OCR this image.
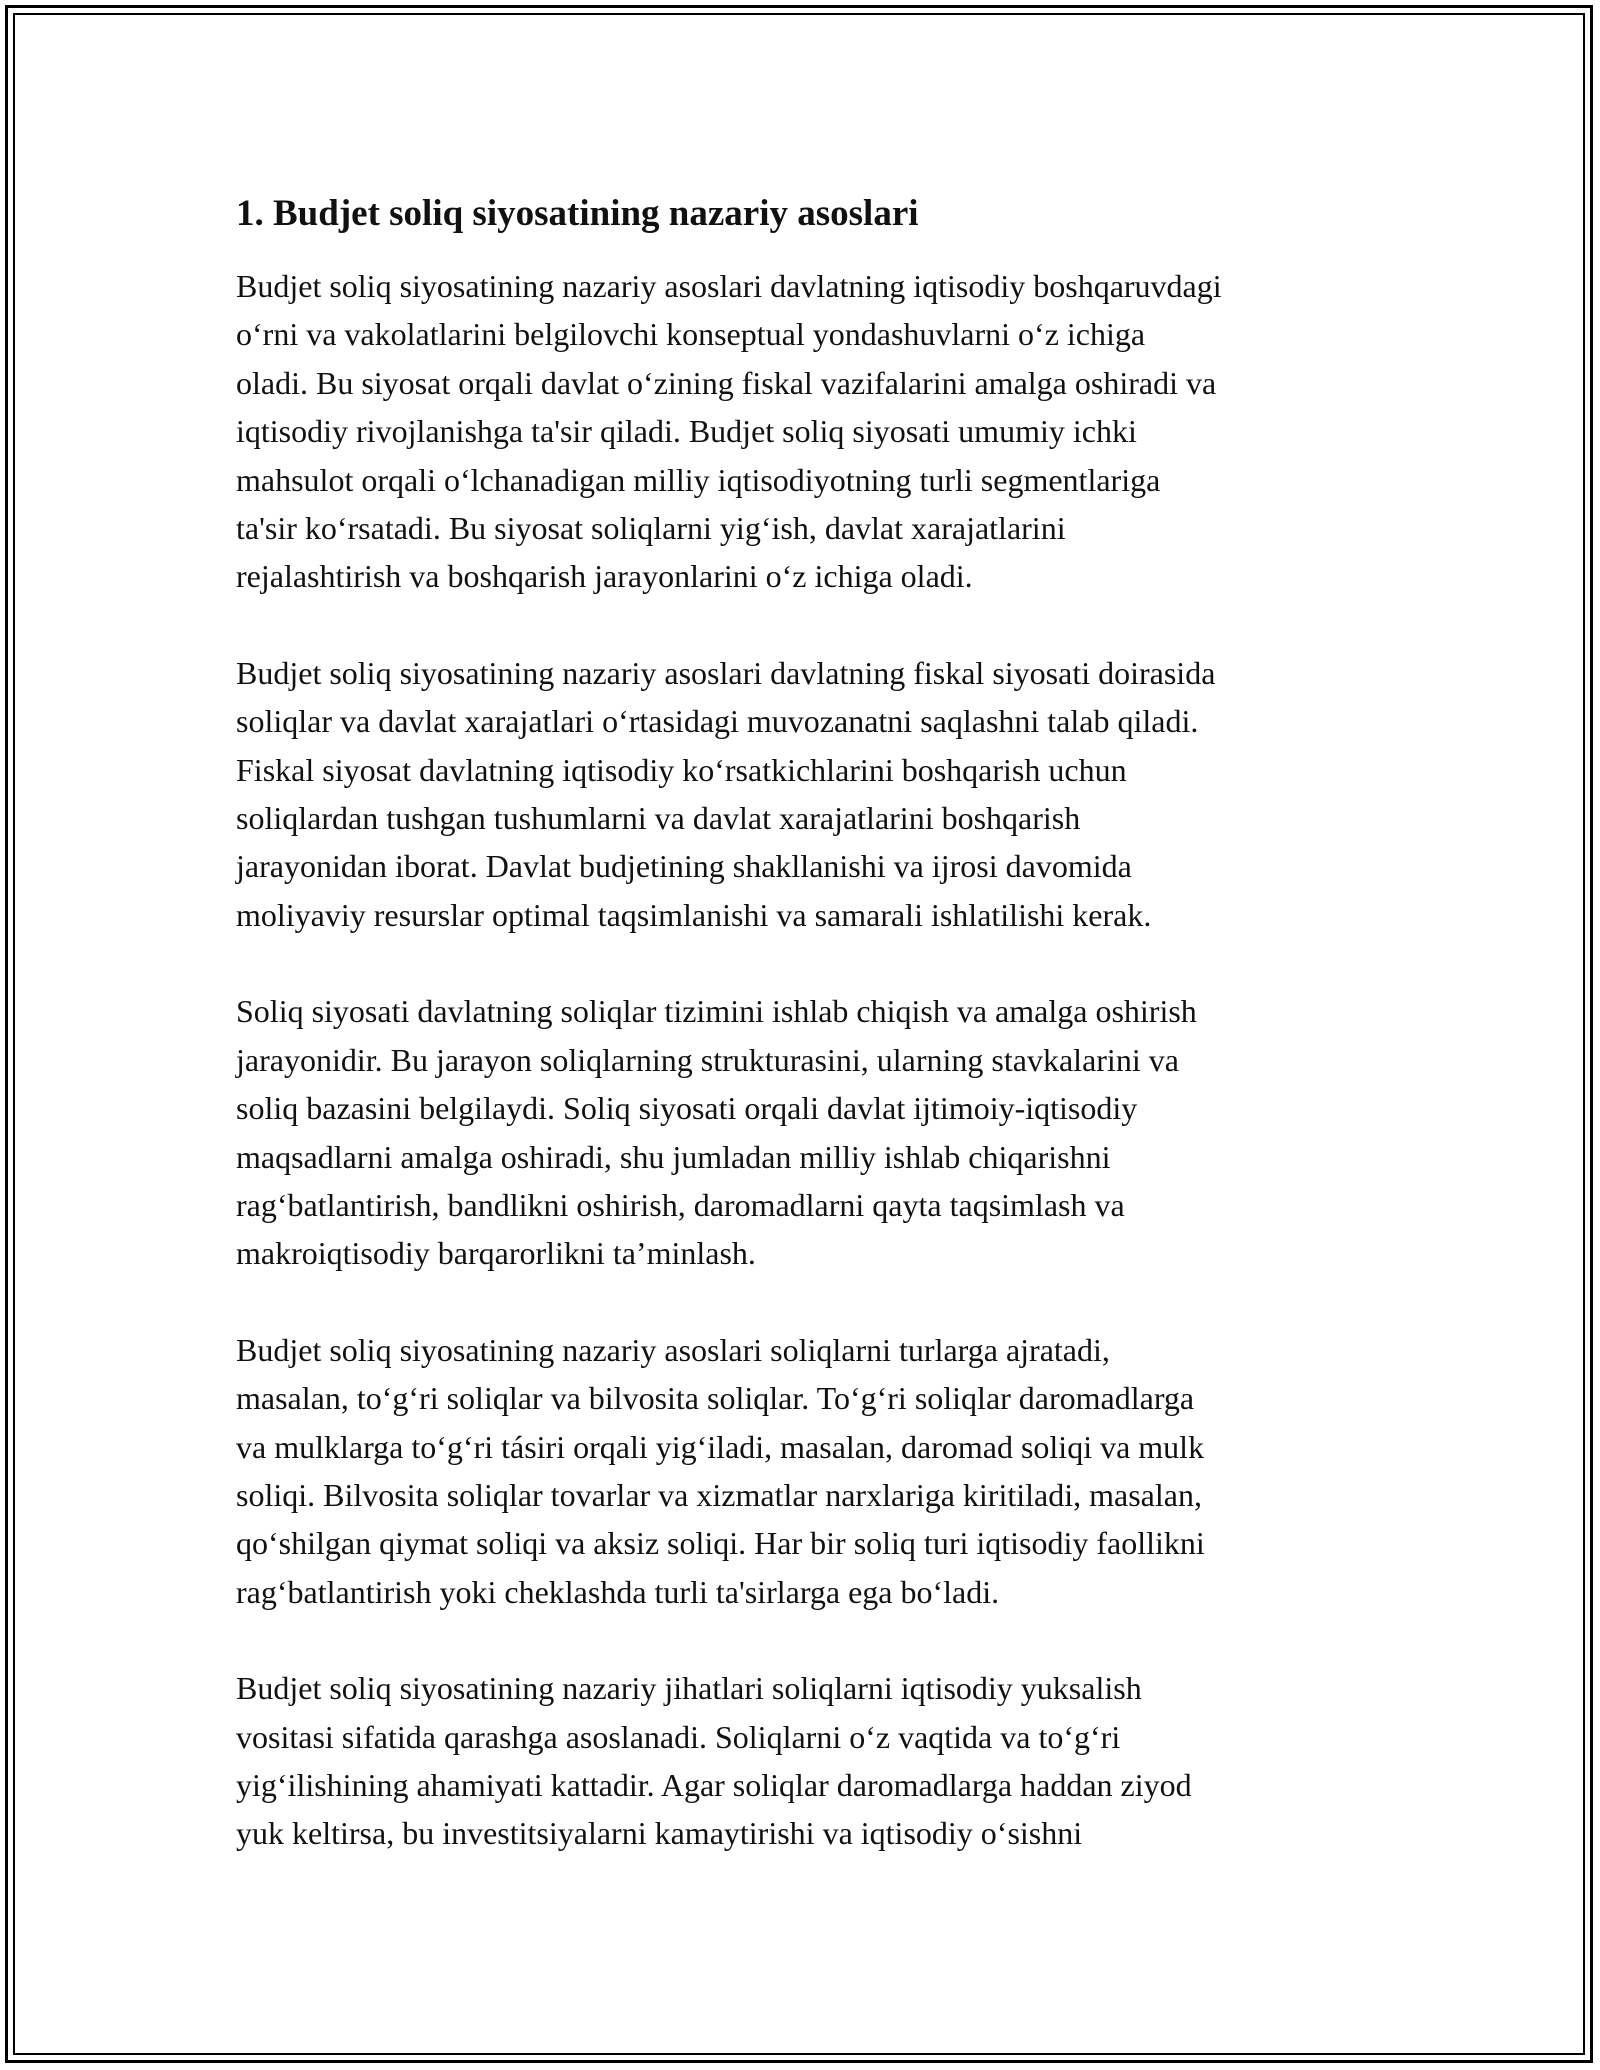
1. Budjet soliq siyosatining nazariy asoslari

Budjet soliq siyosatining nazariy asoslari davlatning iqtisodiy boshqaruvdagi
o‘rni va vakolatlarini belgilovchi konseptual yondashuvlarni o‘z ichiga
oladi. Bu siyosat orqali davlat o‘zining fiskal vazifalarini amalga oshiradi va
iqtisodiy rivojlanishga ta'sir qiladi. Budjet soliq siyosati umumiy ichki
mahsulot orqali o‘lchanadigan milliy iqtisodiyotning turli segmentlariga
ta'sir ko‘rsatadi. Bu siyosat soliqlarni yig‘ish, davlat xarajatlarini
rejalashtirish va boshqarish jarayonlarini o‘z ichiga oladi.

Budjet soliq siyosatining nazariy asoslari davlatning fiskal siyosati doirasida
soliqlar va davlat xarajatlari o‘rtasidagi muvozanatni saqlashni talab qiladi.
Fiskal siyosat davlatning iqtisodiy ko‘rsatkichlarini boshqarish uchun
soliqlardan tushgan tushumlarni va davlat xarajatlarini boshqarish
jarayonidan iborat. Davlat budjetining shakllanishi va ijrosi davomida
moliyaviy resurslar optimal taqsimlanishi va samarali ishlatilishi kerak.

Soliq siyosati davlatning soliqlar tizimini ishlab chiqish va amalga oshirish
jarayonidir. Bu jarayon soliqlarning strukturasini, ularning stavkalarini va
soliq bazasini belgilaydi. Soliq siyosati orqali davlat ijtimoiy-iqtisodiy
maqsadlarni amalga oshiradi, shu jumladan milliy ishlab chiqarishni
rag‘batlantirish, bandlikni oshirish, daromadlarni qayta taqsimlash va
makroiqtisodiy barqarorlikni ta’minlash.

Budjet soliq siyosatining nazariy asoslari soliqlarni turlarga ajratadi,
masalan, to‘g‘ri soliqlar va bilvosita soliqlar. To‘g‘ri soliqlar daromadlarga
va mulklarga to‘g‘ri tásiri orqali yig‘iladi, masalan, daromad soliqi va mulk
soliqi. Bilvosita soliqlar tovarlar va xizmatlar narxlariga kiritiladi, masalan,
qo‘shilgan qiymat soliqi va aksiz soliqi. Har bir soliq turi iqtisodiy faollikni
rag‘batlantirish yoki cheklashda turli ta'sirlarga ega bo‘ladi.

Budjet soliq siyosatining nazariy jihatlari soliqlarni iqtisodiy yuksalish
vositasi sifatida qarashga asoslanadi. Soliqlarni o‘z vaqtida va to‘g‘ri
yig‘ilishining ahamiyati kattadir. Agar soliqlar daromadlarga haddan ziyod
yuk keltirsa, bu investitsiyalarni kamaytirishi va iqtisodiy o‘sishni
